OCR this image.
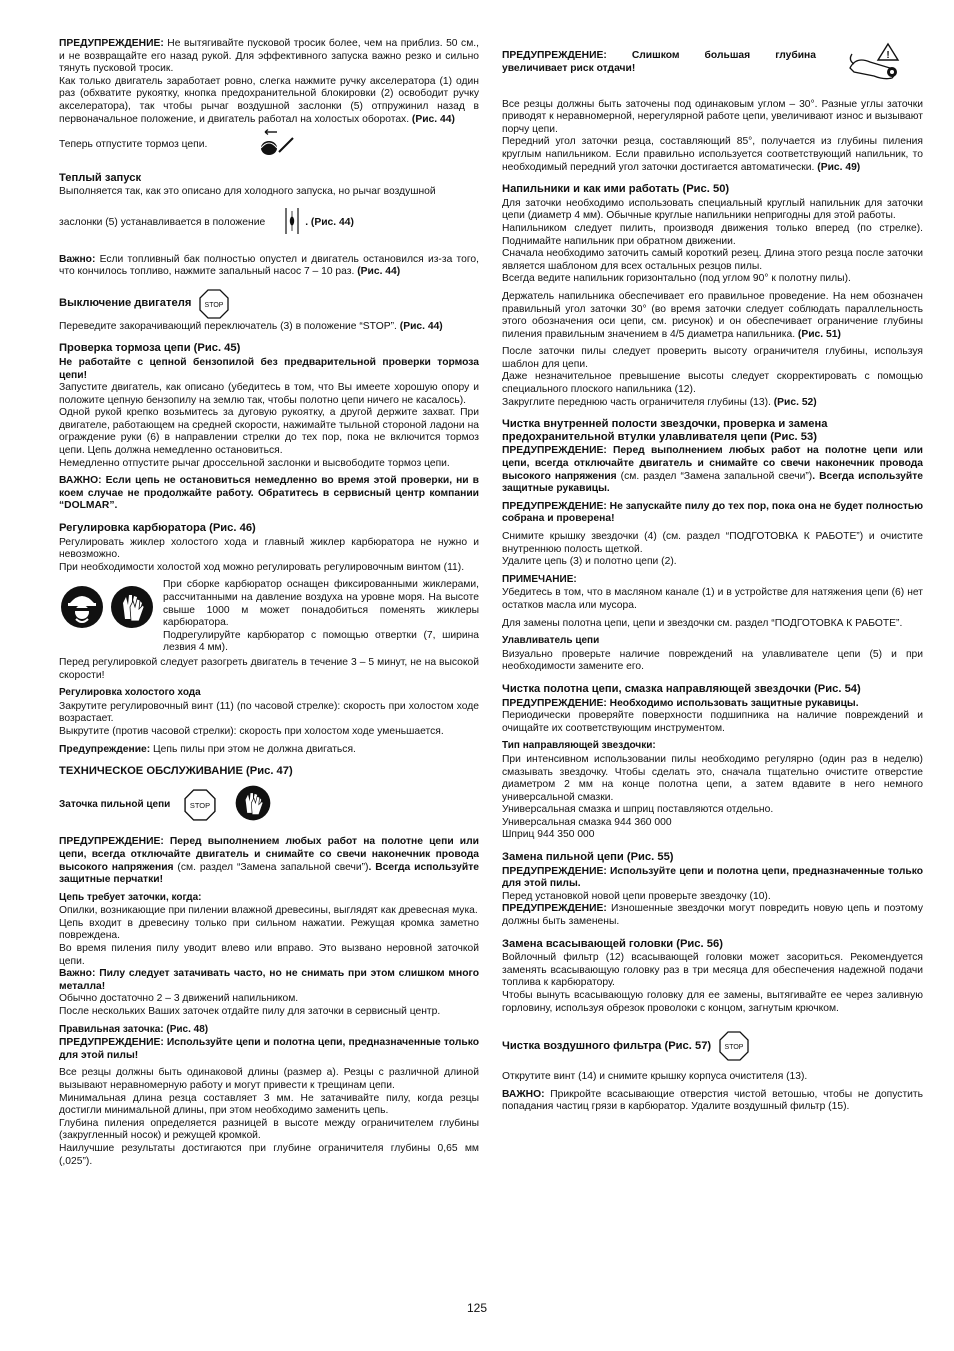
ПРЕДУПРЕЖДЕНИЕ: Не вытягивайте пусковой тросик более, чем на приблиз. 50 см., и не возвращайте его назад рукой. Для эффективного запуска важно резко и сильно тянуть пусковой тросик.

Как только двигатель заработает ровно, слегка нажмите ручку акселератора (1) один раз (обхватите рукоятку, кнопка предохранительной блокировки (2) освободит ручку акселератора), так чтобы рычаг воздушной заслонки (5) отпружинил назад в первоначальное положение, и двигатель работал на холостых оборотах. (Рис. 44)

Теперь отпустите тормоз цепи.
Теплый запуск

Выполняется так, как это описано для холодного запуска, но рычаг воздушной

заслонки (5) устанавливается в положение	. (Рис. 44)

Важно: Если топливный бак полностью опустел и двигатель остановился из-за того, что кончилось топливо, нажмите запальный насос 7 – 10 раз. (Рис. 44)

Выключение двигателя STOP

Переведите закорачивающий переключатель (3) в положение “STOP”. (Рис. 44)

Проверка тормоза цепи (Рис. 45)

Не работайте с цепной бензопилой без предварительной проверки тормоза цепи!

Запустите двигатель, как описано (убедитесь в том, что Вы имеете хорошую опору и положите цепную бензопилу на землю так, чтобы полотно цепи ничего не касалось).

Одной рукой крепко возьмитесь за дуговую рукоятку, а другой держите захват. При двигателе, работающем на средней скорости, нажимайте тыльной стороной ладони на ограждение руки (6) в направлении стрелки до тех пор, пока не включится тормоз цепи. Цепь должна немедленно остановиться.

Немедленно отпустите рычаг дроссельной заслонки и высвободите тормоз цепи.

ВАЖНО: Если цепь не остановиться немедленно во время этой проверки, ни в коем случае не продолжайте работу. Обратитесь в сервисный центр компании “DOLMAR”.

Регулировка карбюратора (Рис. 46)

Регулировать жиклер холостого хода и главный жиклер карбюратора не нужно и невозможно.

При необходимости холостой ход можно регулировать регулировочным винтом (11).

При сборке карбюратор оснащен фиксированными жиклерами, рассчитанными на давление воздуха на уровне моря. На высоте свыше 1000 м может понадобиться поменять жиклеры карбюратора.

Подрегулируйте карбюратор с помощью отвертки (7, ширина лезвия 4 мм).

Перед регулировкой следует разогреть двигатель в течение 3 – 5 минут, не на высокой скорости!

Регулировка холостого хода

Закрутите регулировочный винт (11) (по часовой стрелке): скорость при холостом ходе возрастает.

Выкрутите (против часовой стрелки): скорость при холостом ходе уменьшается.

Предупреждение: Цепь пилы при этом не должна двигаться.

ТЕХНИЧЕСКОЕ ОБСЛУЖИВАНИЕ (Рис. 47)
Заточка пильной цепи	STOP

ПРЕДУПРЕЖДЕНИЕ: Перед выполнением любых работ на полотне цепи или цепи, всегда отключайте двигатель и снимайте со свечи наконечник провода высокого напряжения (см. раздел “Замена запальной свечи”). Всегда используйте защитные перчатки!

Цепь требует заточки, когда:

Опилки, возникающие при пилении влажной древесины, выглядят как древесная мука.

Цепь входит в древесину только при сильном нажатии. Режущая кромка заметно повреждена.

Во время пиления пилу уводит влево или вправо. Это вызвано неровной заточкой цепи.

Важно: Пилу следует затачивать часто, но не снимать при этом слишком много металла!

Обычно достаточно 2 – 3 движений напильником.

После нескольких Ваших заточек отдайте пилу для заточки в сервисный центр.

Правильная заточка: (Рис. 48)

ПРЕДУПРЕЖДЕНИЕ: Используйте цепи и полотна цепи, предназначенные только для этой пилы!

Все резцы должны быть одинаковой длины (размер a). Резцы с различной длиной вызывают неравномерную работу и могут привести к трещинам цепи.

Минимальная длина резца составляет 3 мм. Не затачивайте пилу, когда резцы достигли минимальной длины, при этом необходимо заменить цепь.

Глубина пиления определяется разницей в высоте между ограничителем глубины (закругленный носок) и режущей кромкой.

Наилучшие результаты достигаются при глубине ограничителя глубины 0,65 мм (,025”).

ПРЕДУПРЕЖДЕНИЕ: Слишком большая глубина увеличивает риск отдачи!

!

Все резцы должны быть заточены под одинаковым углом – 30°. Разные углы заточки приводят к неравномерной, нерегулярной работе цепи, увеличивают износ и вызывают порчу цепи.

Передний угол заточки резца, составляющий 85°, получается из глубины пиления круглым напильником. Если правильно используется соответствующий напильник, то необходимый передний угол заточки достигается автоматически. (Рис. 49)

Напильники и как ими работать (Рис. 50)

Для заточки необходимо использовать специальный круглый напильник для заточки цепи (диаметр 4 мм). Обычные круглые напильники непригодны для этой работы.

Напильником следует пилить, производя движения только вперед (по стрелке). Поднимайте напильник при обратном движении.

Сначала необходимо заточить самый короткий резец. Длина этого резца после заточки является шаблоном для всех остальных резцов пилы.

Всегда ведите напильник горизонтально (под углом 90° к полотну пилы).

Держатель напильника обеспечивает его правильное проведение. На нем обозначен правильный угол заточки 30° (во время заточки следует соблюдать параллельность этого обозначения оси цепи, см. рисунок) и он обеспечивает ограничение глубины пиления правильным значением в 4/5 диаметра напильника. (Рис. 51)

После заточки пилы следует проверить высоту ограничителя глубины, используя шаблон для цепи.

Даже незначительное превышение высоты следует скорректировать с помощью специального плоского напильника (12).

Закруглите переднюю часть ограничителя глубины (13). (Рис. 52)

Чистка внутренней полости звездочки, проверка и замена предохранительной втулки улавливателя цепи (Рис. 53)

ПРЕДУПРЕЖДЕНИЕ: Перед выполнением любых работ на полотне цепи или цепи, всегда отключайте двигатель и снимайте со свечи наконечник провода высокого напряжения (см. раздел “Замена запальной свечи”). Всегда используйте защитные рукавицы.

ПРЕДУПРЕЖДЕНИЕ: Не запускайте пилу до тех пор, пока она не будет полностью собрана и проверена!

Снимите крышку звездочки (4) (см. раздел “ПОДГОТОВКА К РАБОТЕ”) и очистите внутреннюю полость щеткой.

Удалите цепь (3) и полотно цепи (2).

ПРИМЕЧАНИЕ:

Убедитесь в том, что в масляном канале (1) и в устройстве для натяжения цепи (6) нет остатков масла или мусора.

Для замены полотна цепи, цепи и звездочки см. раздел “ПОДГОТОВКА К РАБОТЕ”.

Улавливатель цепи

Визуально проверьте наличие повреждений на улавливателе цепи (5) и при необходимости замените его.

Чистка полотна цепи, смазка направляющей звездочки (Рис. 54)

ПРЕДУПРЕЖДЕНИЕ: Необходимо использовать защитные рукавицы.

Периодически проверяйте поверхности подшипника на наличие повреждений и очищайте их соответствующим инструментом.

Тип направляющей звездочки:

При интенсивном использовании пилы необходимо регулярно (один раз в неделю) смазывать звездочку. Чтобы сделать это, сначала тщательно очистите отверстие диаметром 2 мм на конце полотна цепи, а затем вдавите в него немного универсальной смазки.

Универсальная смазка и шприц поставляются отдельно.

Универсальная смазка 944 360 000

Шприц 944 350 000

Замена пильной цепи (Рис. 55)

ПРЕДУПРЕЖДЕНИЕ: Используйте цепи и полотна цепи, предназначенные только для этой пилы.

Перед установкой новой цепи проверьте звездочку (10).

ПРЕДУПРЕЖДЕНИЕ: Изношенные звездочки могут повредить новую цепь и поэтому должны быть заменены.

Замена всасывающей головки (Рис. 56)

Войлочный фильтр (12) всасывающей головки может засориться. Рекомендуется заменять всасывающую головку раз в три месяца для обеспечения надежной подачи топлива к карбюратору.

Чтобы вынуть всасывающую головку для ее замены, вытягивайте ее через заливную горловину, используя обрезок проволоки с концом, загнутым крючком.

Чистка воздушного фильтра (Рис. 57) STOP

Открутите винт (14) и снимите крышку корпуса очистителя (13).

ВАЖНО: Прикройте всасывающие отверстия чистой ветошью, чтобы не допустить попадания частиц грязи в карбюратор. Удалите воздушный фильтр (15).

125
